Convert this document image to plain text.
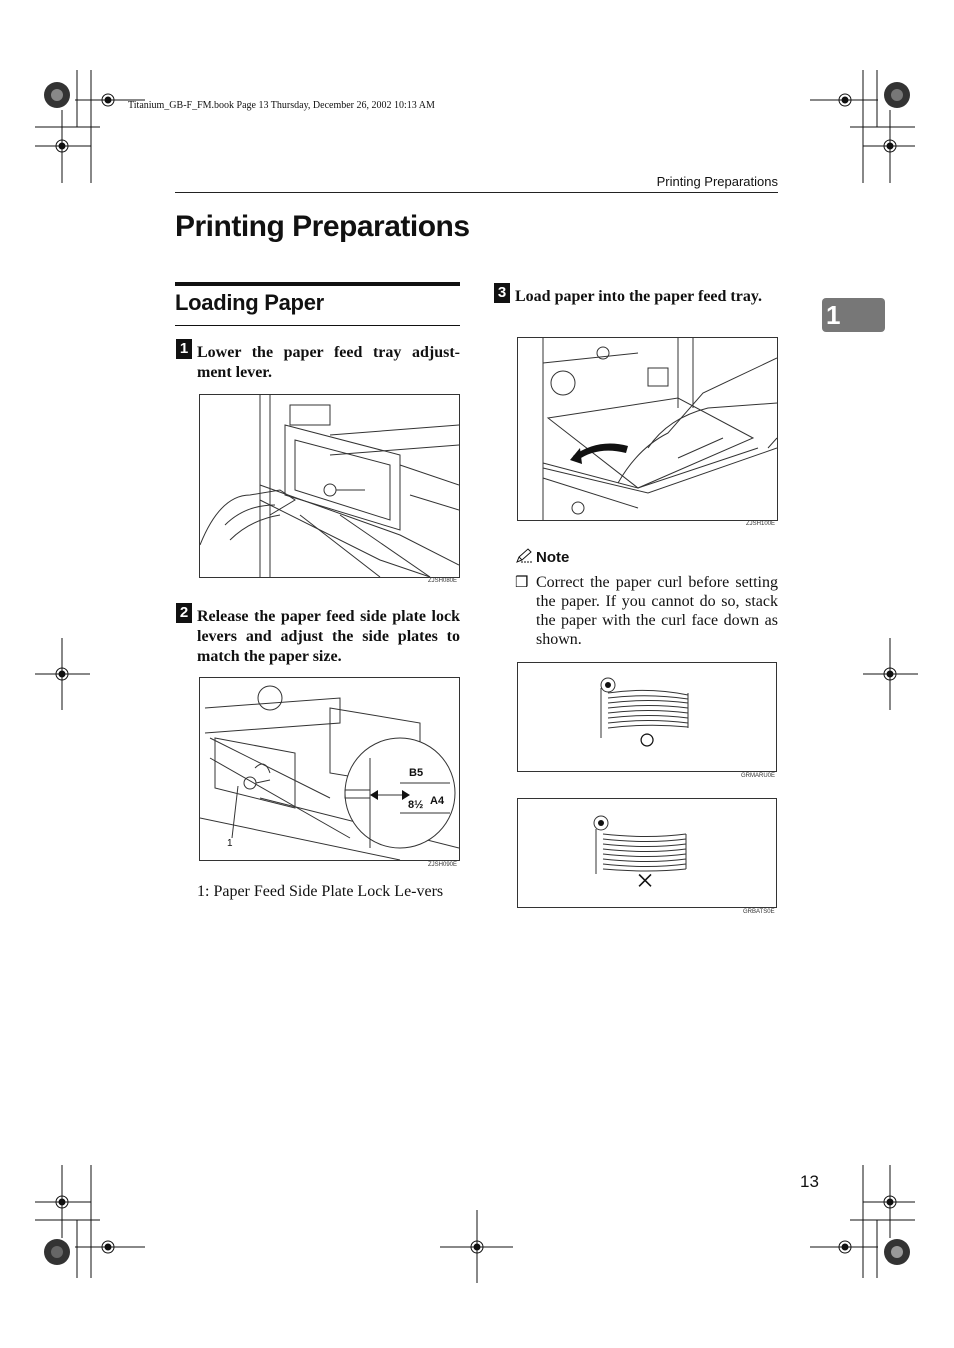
Titanium_GB-F_FM.book Page 13 Thursday, December 26, 2002 10:13 AM
Printing Preparations
Printing Preparations
1
Loading Paper
1 Lower the paper feed tray adjust-ment lever.
ZJSH080E
2 Release the paper feed side plate lock levers and adjust the side plates to match the paper size.
B5
A4
8½
1
ZJSH090E
1: Paper Feed Side Plate Lock Le-vers
3 Load paper into the paper feed tray.
ZJSH100E
Note
❒ Correct the paper curl before setting the paper. If you cannot do so, stack the paper with the curl face down as shown.
○
GRMARU0E
×
GRBATS0E
13
